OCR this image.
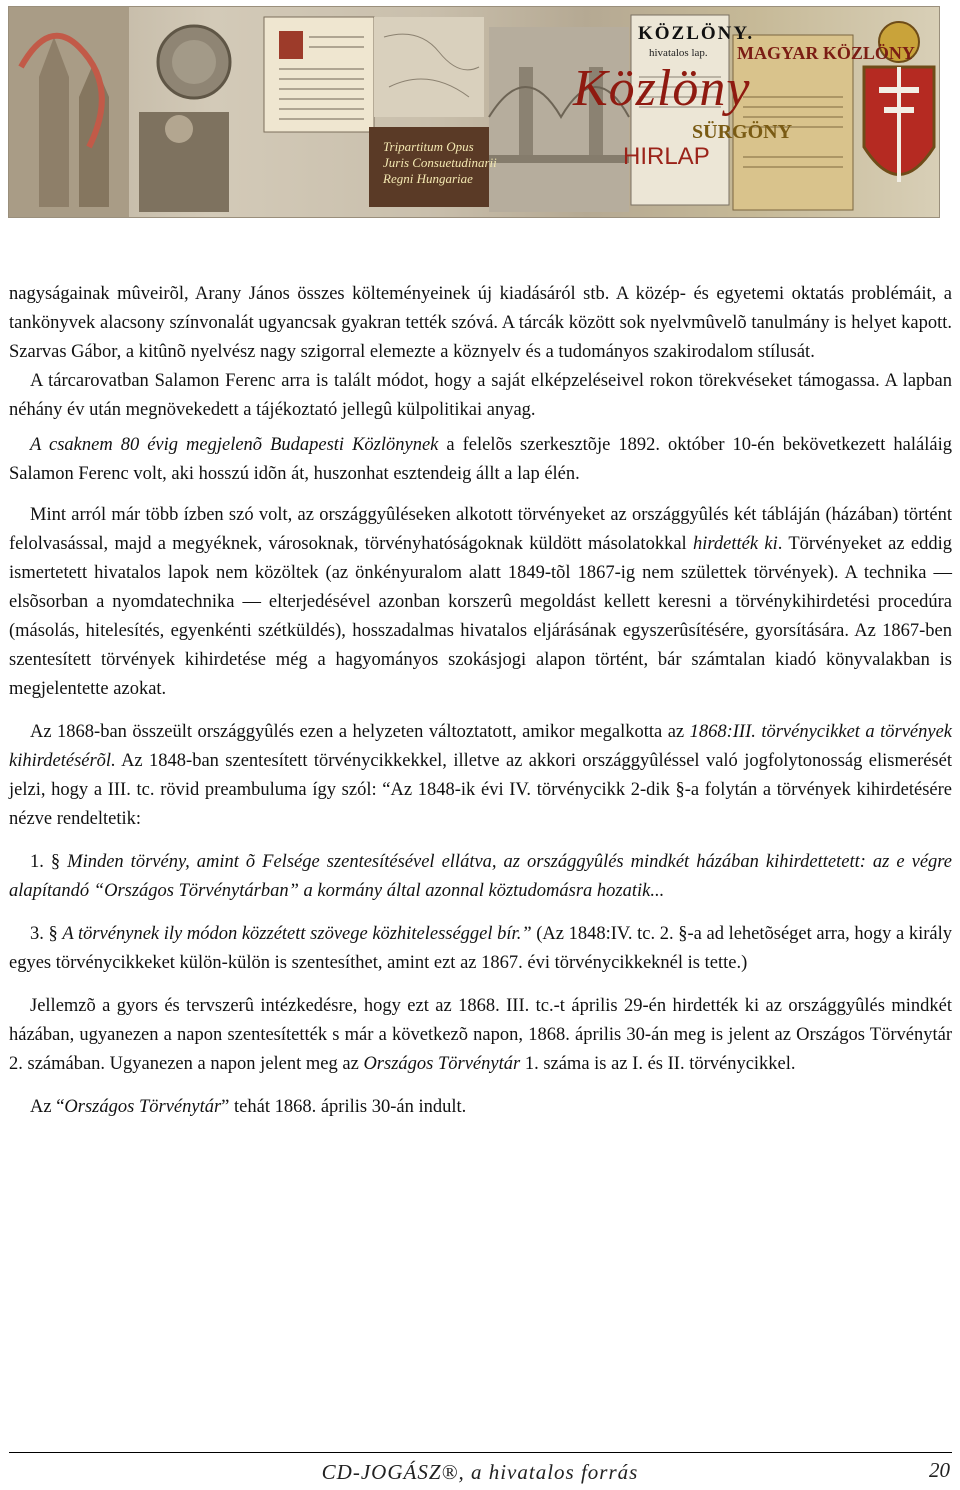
KÖZLÖNY.
hivatalos lap. MAGYAR KÖZLÖNY
Közlöny
SÜRGÖNY
HIRLAP
Tripartitum Opus
Juris Consuetudinarii
Regni Hungariae

nagyságainak mûveirõl, Arany János összes költeményeinek új kiadásáról stb. A közép- és egyetemi oktatás problémáit, a tankönyvek alacsony színvonalát ugyancsak gyakran tették szóvá. A tárcák között sok nyelvmûvelõ tanulmány is helyet kapott. Szarvas Gábor, a kitûnõ nyelvész nagy szigorral elemezte a köznyelv és a tudományos szakirodalom stílusát.

A tárcarovatban Salamon Ferenc arra is talált módot, hogy a saját elképzeléseivel rokon törekvéseket támogassa. A lapban néhány év után megnövekedett a tájékoztató jellegû külpolitikai anyag.

A csaknem 80 évig megjelenõ Budapesti Közlönynek a felelõs szerkesztõje 1892. október 10-én bekövetkezett haláláig Salamon Ferenc volt, aki hosszú idõn át, huszonhat esztendeig állt a lap élén.

Mint arról már több ízben szó volt, az országgyûléseken alkotott törvényeket az országgyûlés két tábláján (házában) történt felolvasással, majd a megyéknek, városoknak, törvényhatóságoknak küldött másolatokkal hirdették ki. Törvényeket az eddig ismertetett hivatalos lapok nem közöltek (az önkényuralom alatt 1849-tõl 1867-ig nem születtek törvények). A technika — elsõsorban a nyomdatechnika — elterjedésével azonban korszerû megoldást kellett keresni a törvénykihirdetési procedúra (másolás, hitelesítés, egyenkénti szétküldés), hosszadalmas hivatalos eljárásának egyszerûsítésére, gyorsítására. Az 1867-ben szentesített törvények kihirdetése még a hagyományos szokásjogi alapon történt, bár számtalan kiadó könyvalakban is megjelentette azokat.

Az 1868-ban összeült országgyûlés ezen a helyzeten változtatott, amikor megalkotta az 1868:III. törvénycikket a törvények kihirdetésérõl. Az 1848-ban szentesített törvénycikkekkel, illetve az akkori országgyûléssel való jogfolytonosság elismerését jelzi, hogy a III. tc. rövid preambuluma így szól: “Az 1848-ik évi IV. törvénycikk 2-dik §-a folytán a törvények kihirdetésére nézve rendeltetik:

1. § Minden törvény, amint õ Felsége szentesítésével ellátva, az országgyûlés mindkét házában kihirdettetett: az e végre alapítandó “Országos Törvénytárban” a kormány által azonnal köztudomásra hozatik...

3. § A törvénynek ily módon közzétett szövege közhitelességgel bír.” (Az 1848:IV. tc. 2. §-a ad lehetõséget arra, hogy a király egyes törvénycikkeket külön-külön is szentesíthet, amint ezt az 1867. évi törvénycikkeknél is tette.)

Jellemzõ a gyors és tervszerû intézkedésre, hogy ezt az 1868. III. tc.-t április 29-én hirdették ki az országgyûlés mindkét házában, ugyanezen a napon szentesítették s már a következõ napon, 1868. április 30-án meg is jelent az Országos Törvénytár 2. számában. Ugyanezen a napon jelent meg az Országos Törvénytár 1. száma is az I. és II. törvénycikkel.

Az “Országos Törvénytár” tehát 1868. április 30-án indult.

CD-JOGÁSZ®, a hivatalos forrás	20
